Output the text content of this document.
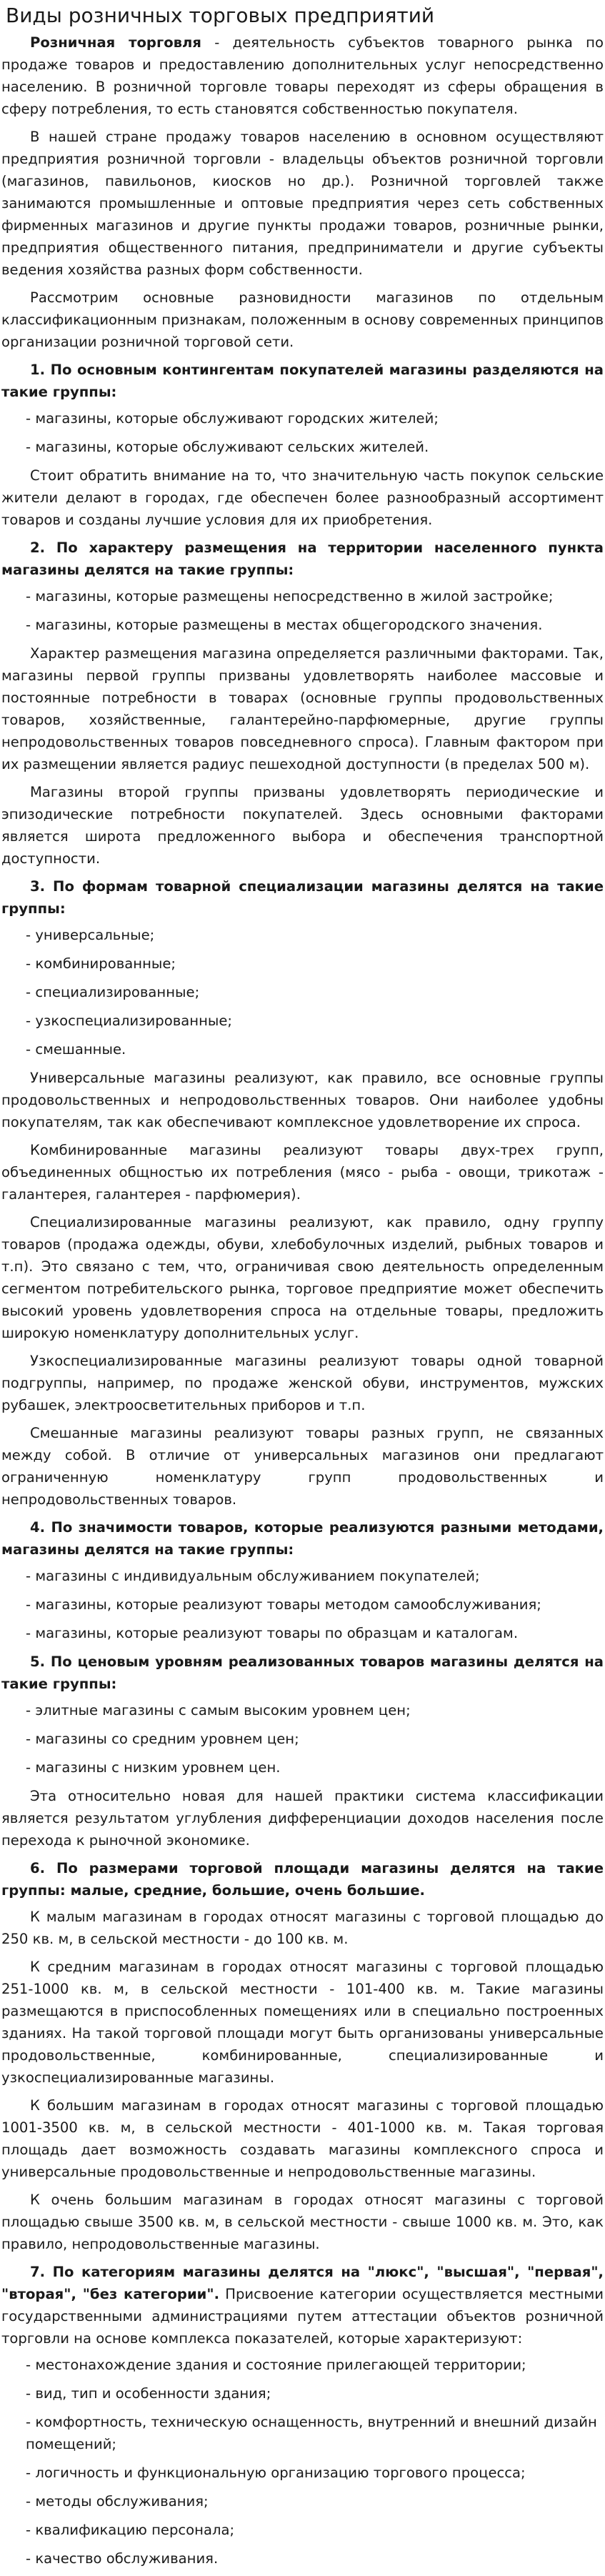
Виды розничных торговых предприятий
Розничная торговля - деятельность субъектов товарного рынка по продаже товаров и предоставлению дополнительных услуг непосредственно населению. В розничной торговле товары переходят из сферы обращения в сферу потребления, то есть становятся собственностью покупателя.
В нашей стране продажу товаров населению в основном осуществляют предприятия розничной торговли - владельцы объектов розничной торговли (магазинов, павильонов, киосков но др.). Розничной торговлей также занимаются промышленные и оптовые предприятия через сеть собственных фирменных магазинов и другие пункты продажи товаров, розничные рынки, предприятия общественного питания, предприниматели и другие субъекты ведения хозяйства разных форм собственности.
Рассмотрим основные разновидности магазинов по отдельным классификационным признакам, положенным в основу современных принципов организации розничной торговой сети.
1. По основным контингентам покупателей магазины разделяются на такие группы:
- магазины, которые обслуживают городских жителей;
- магазины, которые обслуживают сельских жителей.
Стоит обратить внимание на то, что значительную часть покупок сельские жители делают в городах, где обеспечен более разнообразный ассортимент товаров и созданы лучшие условия для их приобретения.
2. По характеру размещения на территории населенного пункта магазины делятся на такие группы:
- магазины, которые размещены непосредственно в жилой застройке;
- магазины, которые размещены в местах общегородского значения.
Характер размещения магазина определяется различными факторами. Так, магазины первой группы призваны удовлетворять наиболее массовые и постоянные потребности в товарах (основные группы продовольственных товаров, хозяйственные, галантерейно-парфюмерные, другие группы непродовольственных товаров повседневного спроса). Главным фактором при их размещении является радиус пешеходной доступности (в пределах 500 м).
Магазины второй группы призваны удовлетворять периодические и эпизодические потребности покупателей. Здесь основными факторами является широта предложенного выбора и обеспечения транспортной доступности.
3. По формам товарной специализации магазины делятся на такие группы:
- универсальные;
- комбинированные;
- специализированные;
- узкоспециализированные;
- смешанные.
Универсальные магазины реализуют, как правило, все основные группы продовольственных и непродовольственных товаров. Они наиболее удобны покупателям, так как обеспечивают комплексное удовлетворение их спроса.
Комбинированные магазины реализуют товары двух-трех групп, объединенных общностью их потребления (мясо - рыба - овощи, трикотаж - галантерея, галантерея - парфюмерия).
Специализированные магазины реализуют, как правило, одну группу товаров (продажа одежды, обуви, хлебобулочных изделий, рыбных товаров и т.п). Это связано с тем, что, ограничивая свою деятельность определенным сегментом потребительского рынка, торговое предприятие может обеспечить высокий уровень удовлетворения спроса на отдельные товары, предложить широкую номенклатуру дополнительных услуг.
Узкоспециализированные магазины реализуют товары одной товарной подгруппы, например, по продаже женской обуви, инструментов, мужских рубашек, электроосветительных приборов и т.п.
Смешанные магазины реализуют товары разных групп, не связанных между собой. В отличие от универсальных магазинов они предлагают ограниченную номенклатуру групп продовольственных и непродовольственных товаров.
4. По значимости товаров, которые реализуются разными методами, магазины делятся на такие группы:
- магазины с индивидуальным обслуживанием покупателей;
- магазины, которые реализуют товары методом самообслуживания;
- магазины, которые реализуют товары по образцам и каталогам.
5. По ценовым уровням реализованных товаров магазины делятся на такие группы:
- элитные магазины с самым высоким уровнем цен;
- магазины со средним уровнем цен;
- магазины с низким уровнем цен.
Эта относительно новая для нашей практики система классификации является результатом углубления дифференциации доходов населения после перехода к рыночной экономике.
6. По размерами торговой площади магазины делятся на такие группы: малые, средние, большие, очень большие.
К малым магазинам в городах относят магазины с торговой площадью до 250 кв. м, в сельской местности - до 100 кв. м.
К средним магазинам в городах относят магазины с торговой площадью 251-1000 кв. м, в сельской местности - 101-400 кв. м. Такие магазины размещаются в приспособленных помещениях или в специально построенных зданиях. На такой торговой площади могут быть организованы универсальные продовольственные, комбинированные, специализированные и узкоспециализированные магазины.
К большим магазинам в городах относят магазины с торговой площадью 1001-3500 кв. м, в сельской местности - 401-1000 кв. м. Такая торговая площадь дает возможность создавать магазины комплексного спроса и универсальные продовольственные и непродовольственные магазины.
К очень большим магазинам в городах относят магазины с торговой площадью свыше 3500 кв. м, в сельской местности - свыше 1000 кв. м. Это, как правило, непродовольственные магазины.
7. По категориям магазины делятся на "люкс", "высшая", "первая", "вторая", "без категории". Присвоение категории осуществляется местными государственными администрациями путем аттестации объектов розничной торговли на основе комплекса показателей, которые характеризуют:
- местонахождение здания и состояние прилегающей территории;
- вид, тип и особенности здания;
- комфортность, техническую оснащенность, внутренний и внешний дизайн помещений;
- логичность и функциональную организацию торгового процесса;
- методы обслуживания;
- квалификацию персонала;
- качество обслуживания.
